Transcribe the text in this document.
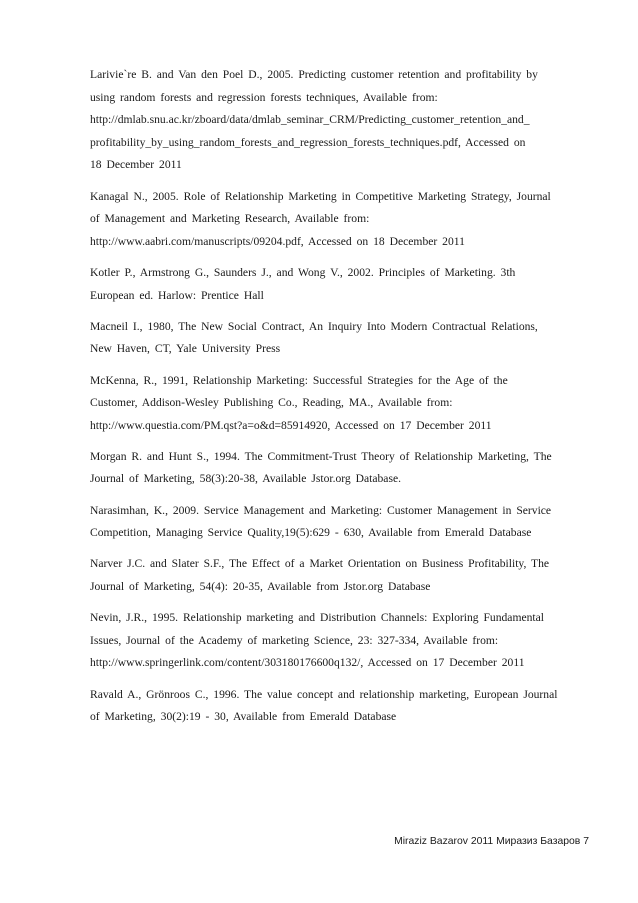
Larivie`re B. and Van den Poel D., 2005. Predicting customer retention and profitability by
using random forests and regression forests techniques, Available from:
http://dmlab.snu.ac.kr/zboard/data/dmlab_seminar_CRM/Predicting_customer_retention_and_
profitability_by_using_random_forests_and_regression_forests_techniques.pdf, Accessed on
18 December 2011

Kanagal N., 2005. Role of Relationship Marketing in Competitive Marketing Strategy, Journal
of Management and Marketing Research, Available from:
http://www.aabri.com/manuscripts/09204.pdf, Accessed on 18 December 2011

Kotler P., Armstrong G., Saunders J., and Wong V., 2002. Principles of Marketing. 3th
European ed. Harlow: Prentice Hall

Macneil I., 1980, The New Social Contract, An Inquiry Into Modern Contractual Relations,
New Haven, CT, Yale University Press

McKenna, R., 1991, Relationship Marketing: Successful Strategies for the Age of the
Customer, Addison-Wesley Publishing Co., Reading, MA., Available from:
http://www.questia.com/PM.qst?a=o&d=85914920, Accessed on 17 December 2011

Morgan R. and Hunt S., 1994. The Commitment-Trust Theory of Relationship Marketing, The
Journal of Marketing, 58(3):20-38, Available Jstor.org Database.

Narasimhan, K., 2009. Service Management and Marketing: Customer Management in Service
Competition, Managing Service Quality,19(5):629 - 630, Available from Emerald Database

Narver J.C. and Slater S.F., The Effect of a Market Orientation on Business Profitability, The
Journal of Marketing, 54(4): 20-35, Available from Jstor.org Database

Nevin, J.R., 1995. Relationship marketing and Distribution Channels: Exploring Fundamental
Issues, Journal of the Academy of marketing Science, 23: 327-334, Available from:
http://www.springerlink.com/content/303180176600q132/, Accessed on 17 December 2011

Ravald A., Grönroos C., 1996. The value concept and relationship marketing, European Journal
of Marketing, 30(2):19 - 30, Available from Emerald Database

Miraziz Bazarov 2011 Миразиз Базаров 7
